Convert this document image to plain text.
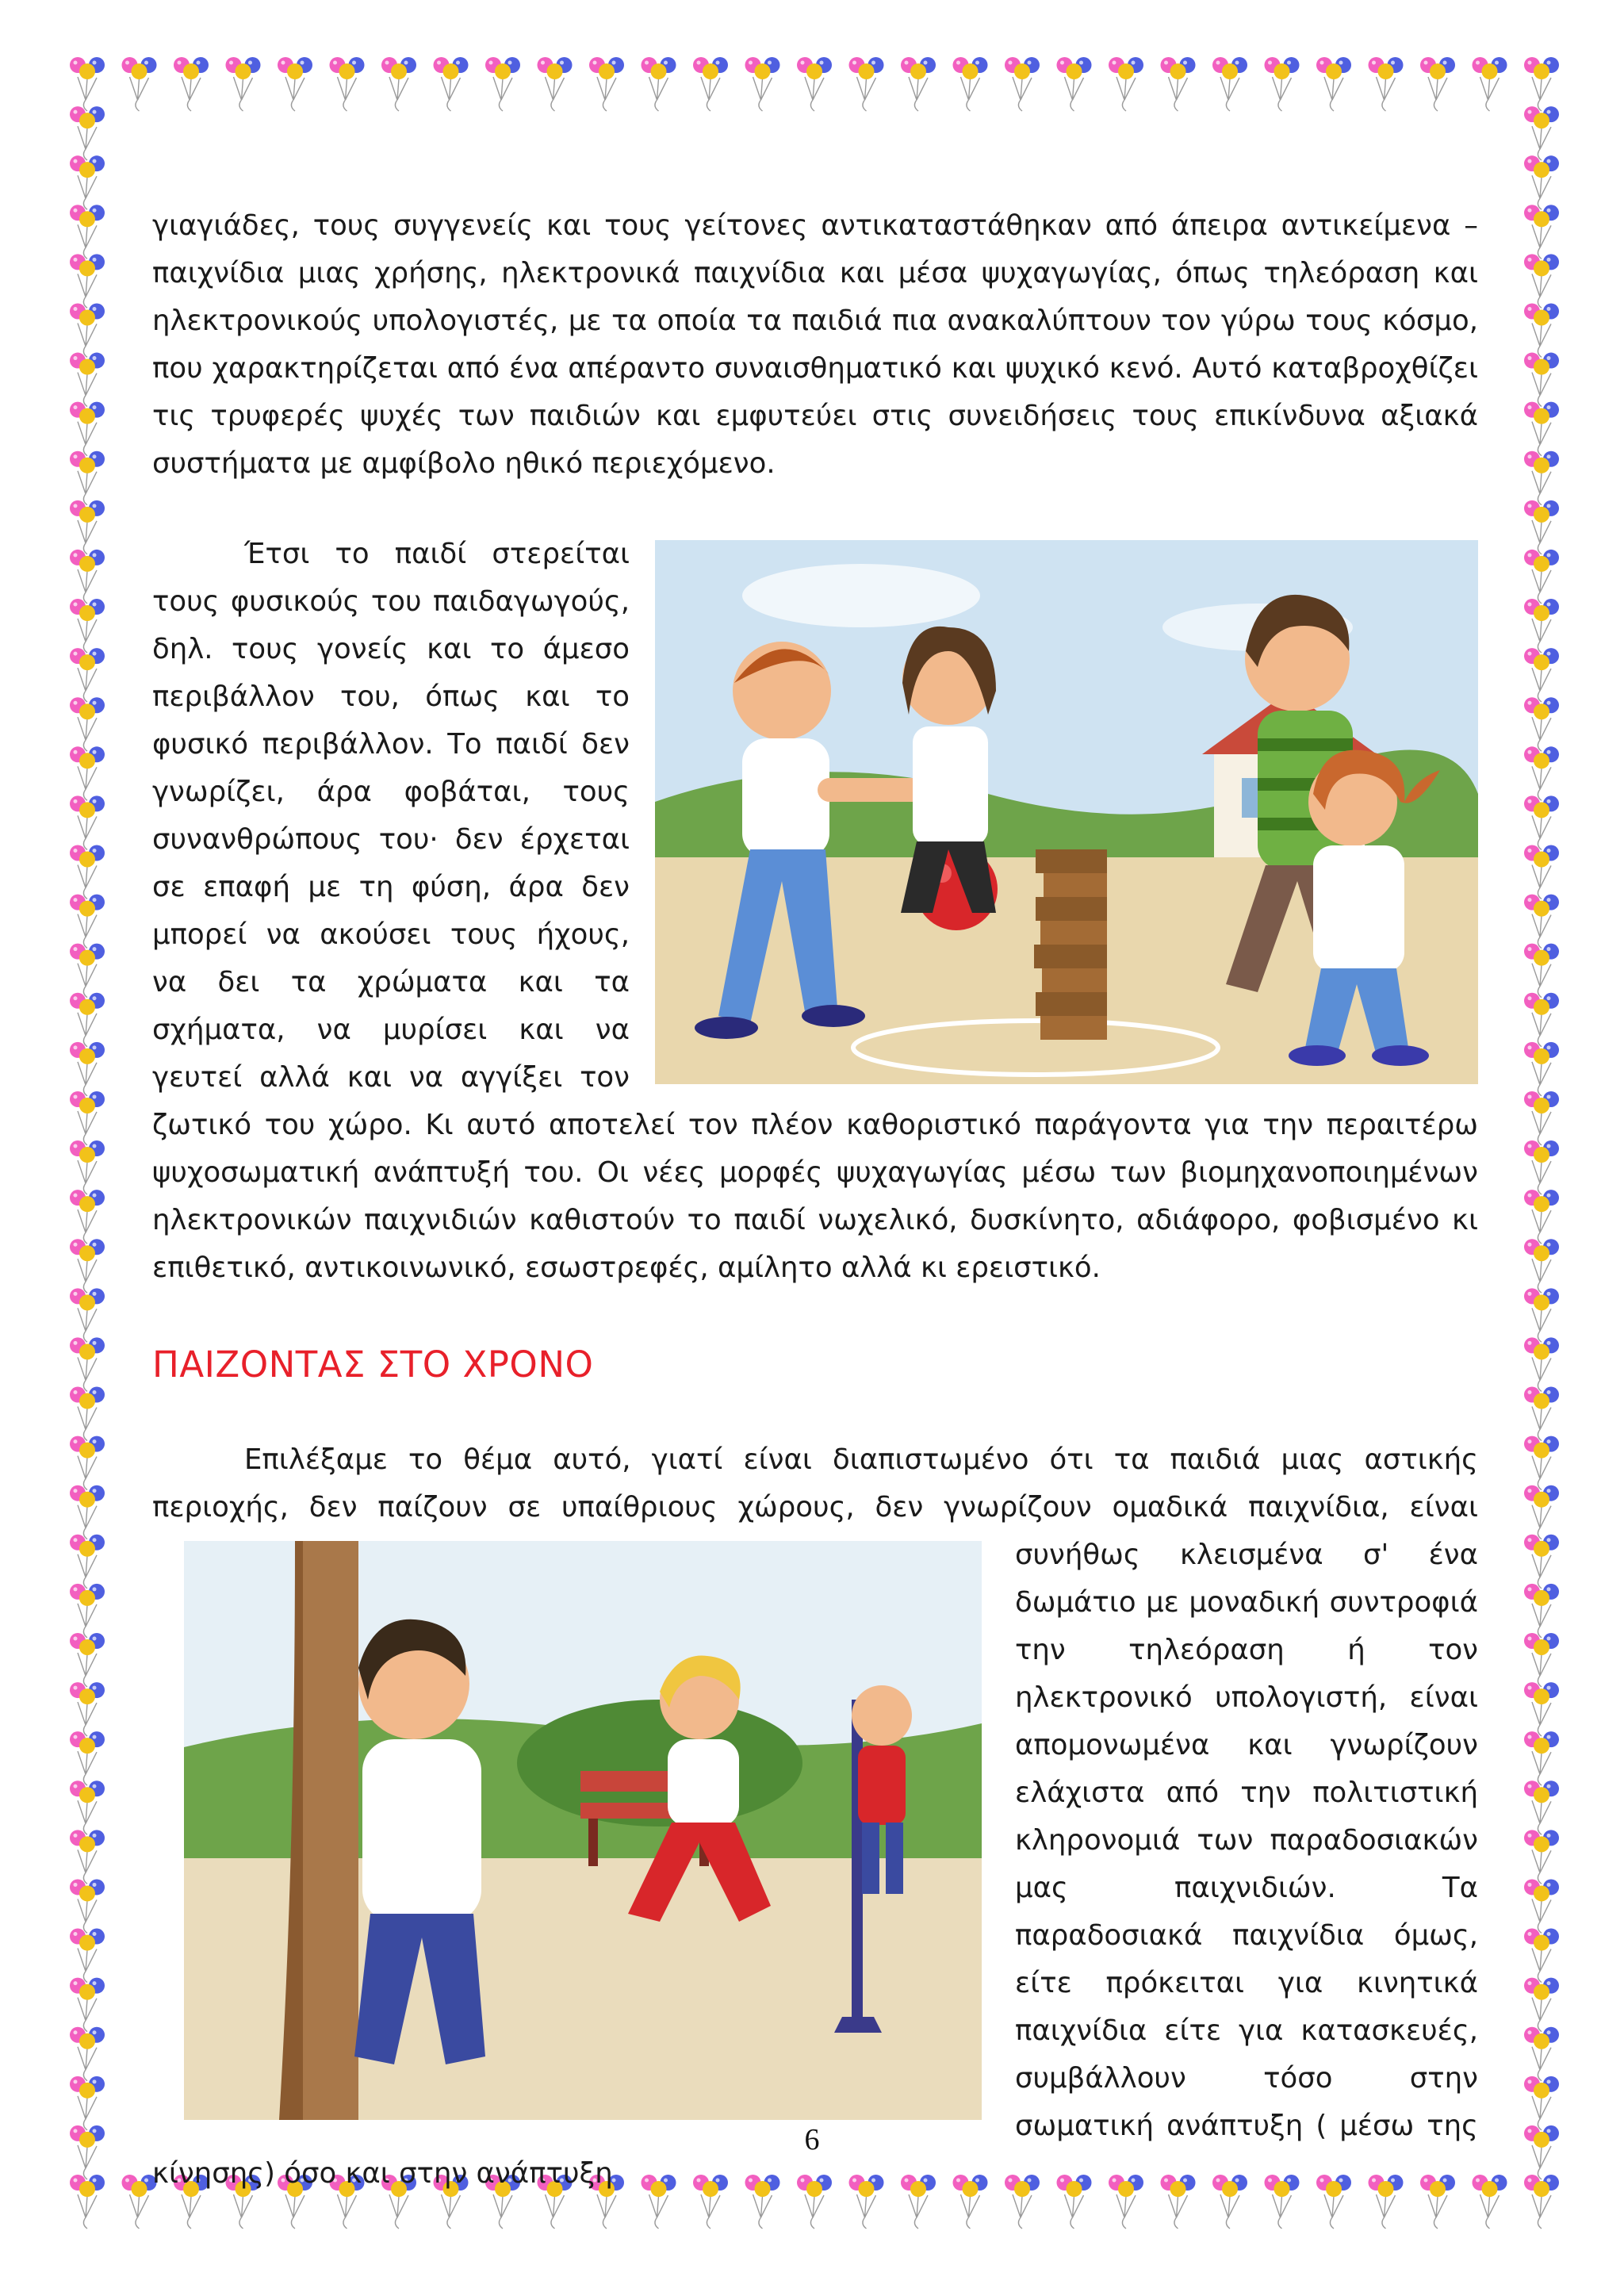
γιαγιάδες, τους συγγενείς και τους γείτονες αντικαταστάθηκαν από άπειρα αντικείμενα – παιχνίδια μιας χρήσης, ηλεκτρονικά παιχνίδια και μέσα ψυχαγωγίας, όπως τηλεόραση και ηλεκτρονικούς υπολογιστές, με τα οποία τα παιδιά πια ανακαλύπτουν τον γύρω τους κόσμο, που χαρακτηρίζεται από ένα απέραντο συναισθηματικό και ψυχικό κενό. Αυτό καταβροχθίζει τις τρυφερές ψυχές των παιδιών και εμφυτεύει στις συνειδήσεις τους επικίνδυνα αξιακά συστήματα με αμφίβολο ηθικό περιεχόμενο.

Έτσι το παιδί στερείται τους φυσικούς του παιδαγωγούς, δηλ. τους γονείς και το άμεσο περιβάλλον του, όπως και το φυσικό περιβάλλον. Το παιδί δεν γνωρίζει, άρα φοβάται, τους συνανθρώπους του· δεν έρχεται σε επαφή με τη φύση, άρα δεν μπορεί να ακούσει τους ήχους, να δει τα χρώματα και τα σχήματα, να μυρίσει και να γευτεί αλλά και να αγγίξει τον ζωτικό του χώρο. Κι αυτό αποτελεί τον πλέον καθοριστικό παράγοντα για την περαιτέρω ψυχοσωματική ανάπτυξή του. Οι νέες μορφές ψυχαγωγίας μέσω των βιομηχανοποιημένων ηλεκτρονικών παιχνιδιών καθιστούν το παιδί νωχελικό, δυσκίνητο, αδιάφορο, φοβισμένο κι επιθετικό, αντικοινωνικό, εσωστρεφές, αμίλητο αλλά κι ερειστικό.

ΠΑΙΖΟΝΤΑΣ ΣΤΟ ΧΡΟΝΟ

Επιλέξαμε το θέμα αυτό, γιατί είναι διαπιστωμένο ότι τα παιδιά μιας αστικής περιοχής, δεν παίζουν σε υπαίθριους χώρους, δεν γνωρίζουν ομαδικά παιχνίδια, είναι
συνήθως κλεισμένα σ' ένα δωμάτιο με μοναδική συντροφιά την τηλεόραση ή τον ηλεκτρονικό υπολογιστή, είναι απομονωμένα και γνωρίζουν ελάχιστα από την πολιτιστική κληρονομιά των παραδοσιακών μας παιχνιδιών. Τα παραδοσιακά παιχνίδια όμως, είτε πρόκειται για κινητικά παιχνίδια είτε για κατασκευές, συμβάλλουν τόσο στην σωματική ανάπτυξη ( μέσω της κίνησης) όσο και στην ανάπτυξη

6
